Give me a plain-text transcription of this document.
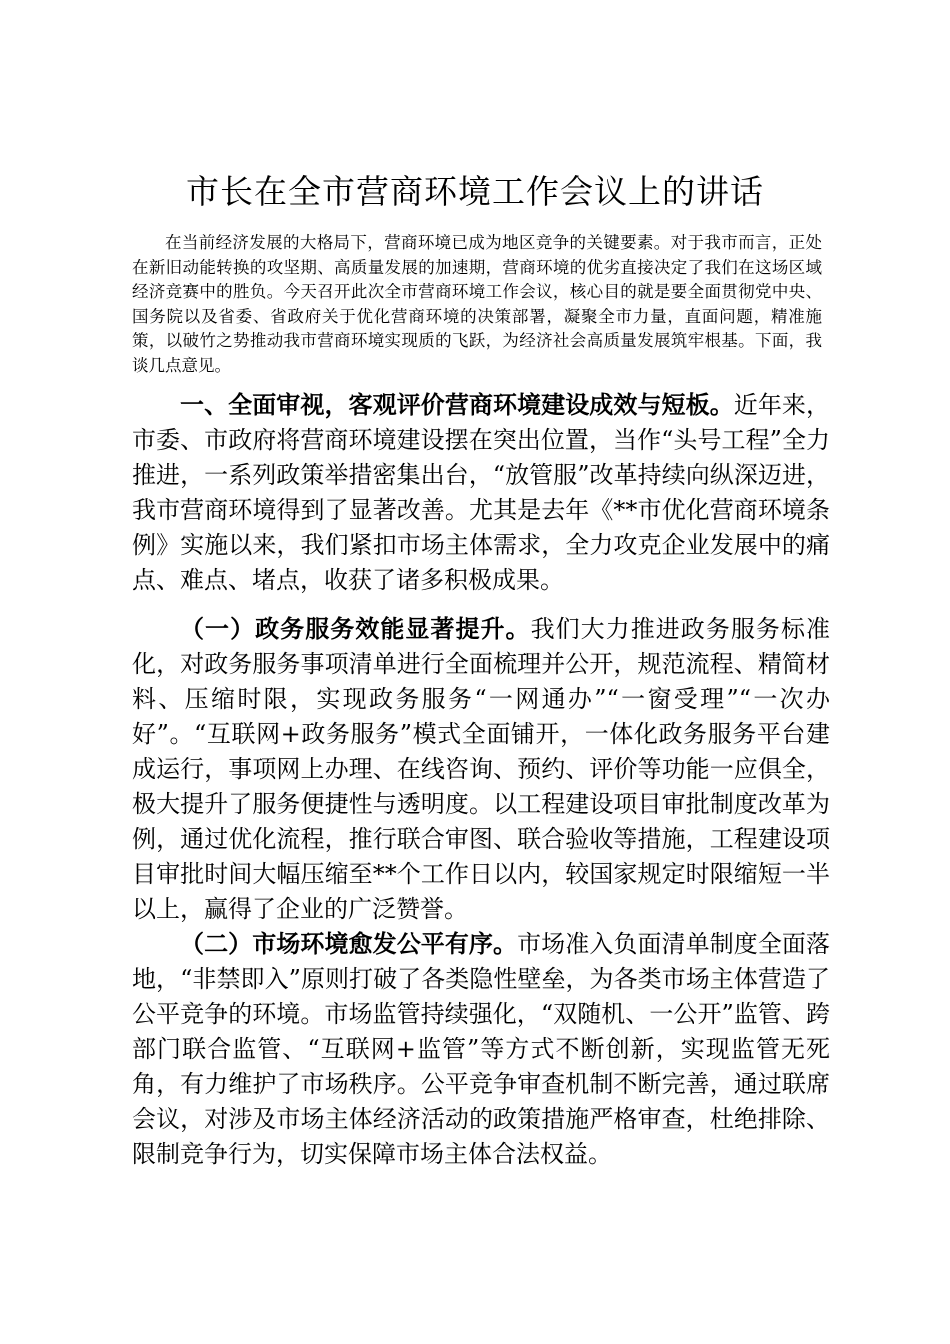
市长在全市营商环境工作会议上的讲话

在当前经济发展的大格局下，营商环境已成为地区竞争的关键要素。对于我市而言，正处在新旧动能转换的攻坚期、高质量发展的加速期，营商环境的优劣直接决定了我们在这场区域经济竞赛中的胜负。今天召开此次全市营商环境工作会议，核心目的就是要全面贯彻党中央、国务院以及省委、省政府关于优化营商环境的决策部署，凝聚全市力量，直面问题，精准施策，以破竹之势推动我市营商环境实现质的飞跃，为经济社会高质量发展筑牢根基。下面，我谈几点意见。

一、全面审视，客观评价营商环境建设成效与短板。近年来，市委、市政府将营商环境建设摆在突出位置，当作“头号工程”全力推进，一系列政策举措密集出台，“放管服”改革持续向纵深迈进，我市营商环境得到了显著改善。尤其是去年《**市优化营商环境条例》实施以来，我们紧扣市场主体需求，全力攻克企业发展中的痛点、难点、堵点，收获了诸多积极成果。

（一）政务服务效能显著提升。我们大力推进政务服务标准化，对政务服务事项清单进行全面梳理并公开，规范流程、精简材料、压缩时限，实现政务服务“一网通办”“一窗受理”“一次办好”。“互联网+政务服务”模式全面铺开，一体化政务服务平台建成运行，事项网上办理、在线咨询、预约、评价等功能一应俱全，极大提升了服务便捷性与透明度。以工程建设项目审批制度改革为例，通过优化流程，推行联合审图、联合验收等措施，工程建设项目审批时间大幅压缩至**个工作日以内，较国家规定时限缩短一半以上，赢得了企业的广泛赞誉。

（二）市场环境愈发公平有序。市场准入负面清单制度全面落地，“非禁即入”原则打破了各类隐性壁垒，为各类市场主体营造了公平竞争的环境。市场监管持续强化，“双随机、一公开”监管、跨部门联合监管、“互联网+监管”等方式不断创新，实现监管无死角，有力维护了市场秩序。公平竞争审查机制不断完善，通过联席会议，对涉及市场主体经济活动的政策措施严格审查，杜绝排除、限制竞争行为，切实保障市场主体合法权益。
